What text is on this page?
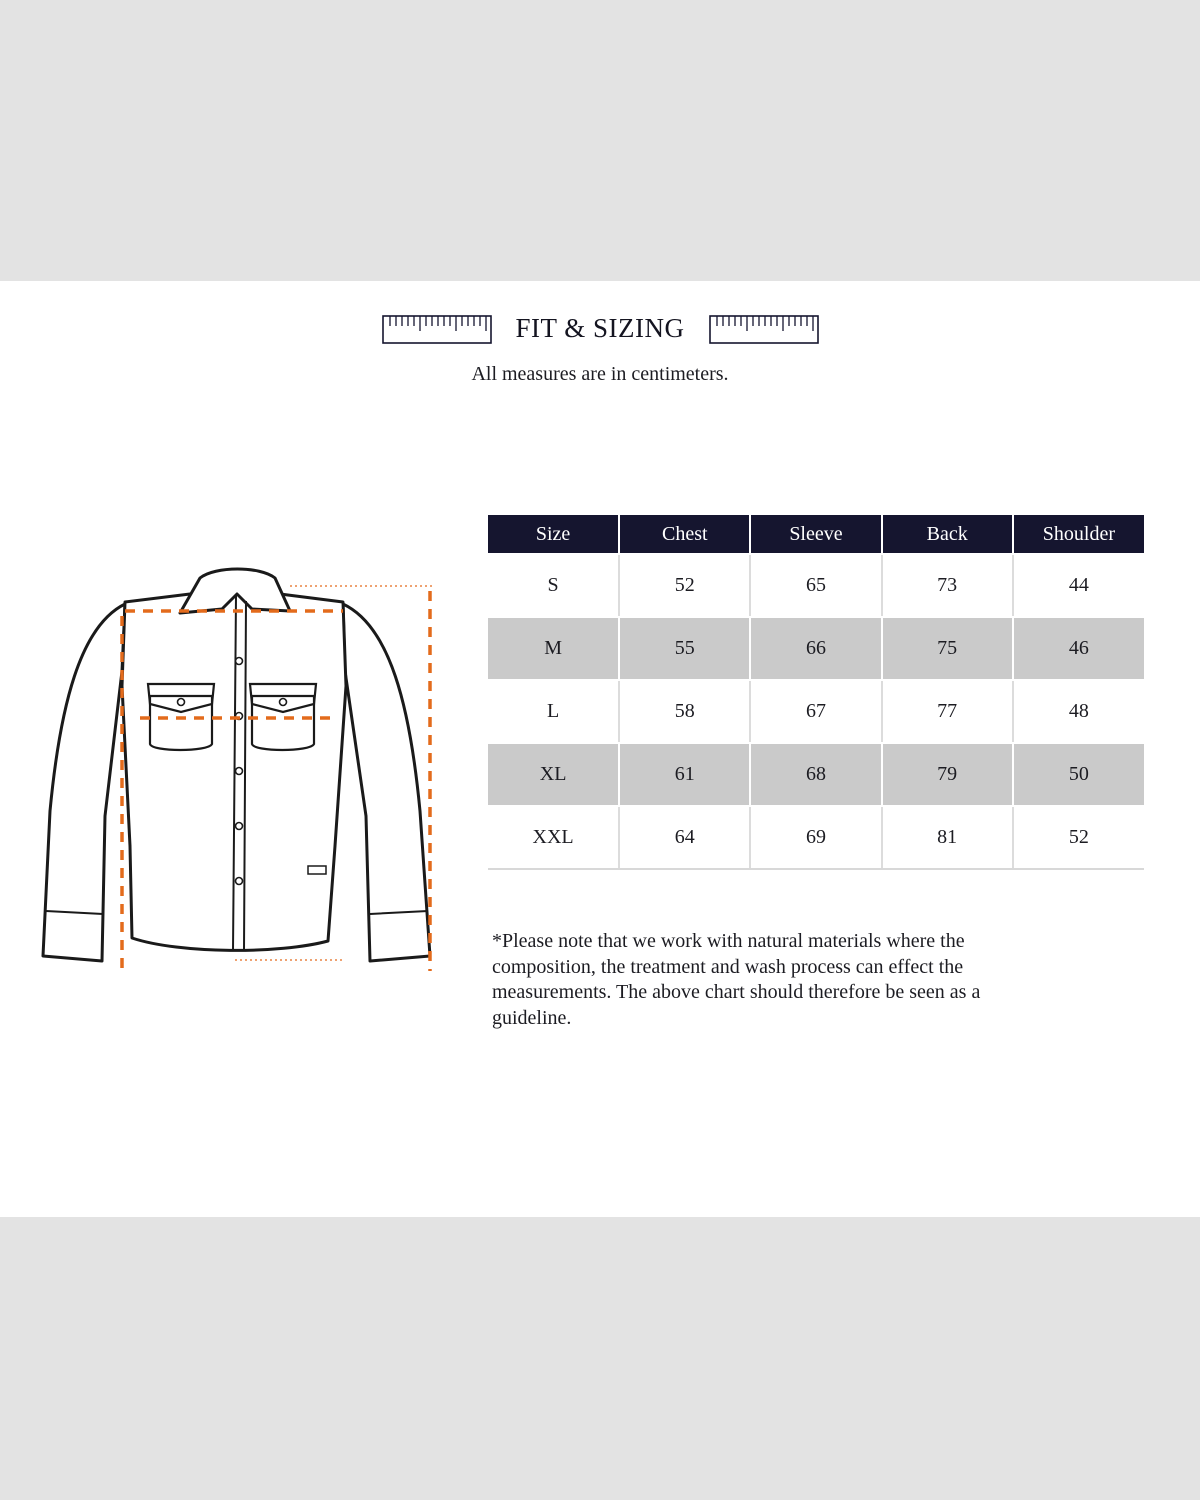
FIT & SIZING
All measures are in centimeters.
Size	Chest	Sleeve	Back	Shoulder
S	52	65	73	44
M	55	66	75	46
L	58	67	77	48
XL	61	68	79	50
XXL	64	69	81	52
*Please note that we work with natural materials where the composition, the treatment and wash process can effect the measurements. The above chart should therefore be seen as a guideline.
